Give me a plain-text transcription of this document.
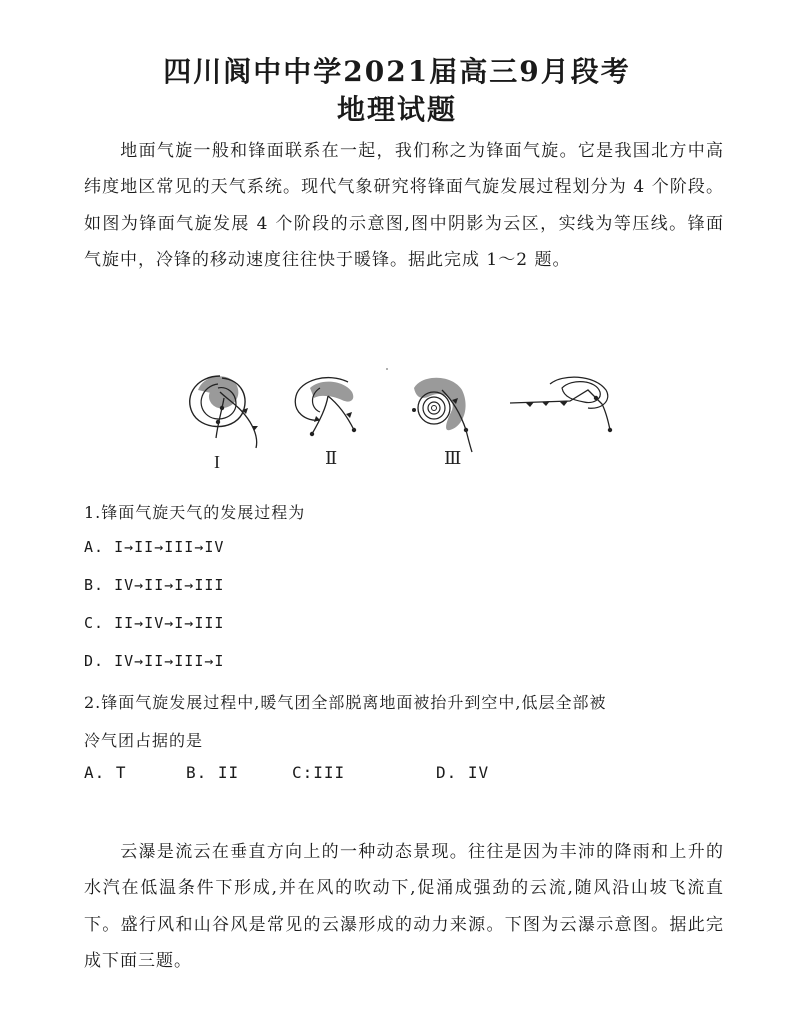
四川阆中中学2021届高三9月段考
地理试题

地面气旋一般和锋面联系在一起，我们称之为锋面气旋。它是我国北方中高纬度地区常见的天气系统。现代气象研究将锋面气旋发展过程划分为 4 个阶段。如图为锋面气旋发展 4 个阶段的示意图,图中阴影为云区，实线为等压线。锋面气旋中，冷锋的移动速度往往快于暖锋。据此完成 1～2 题。

I	Ⅱ	Ⅲ
1.锋面气旋天气的发展过程为
A. I→II→III→IV
B. IV→II→I→III
C. II→IV→I→III
D. IV→II→III→I
2.锋面气旋发展过程中,暖气团全部脱离地面被抬升到空中,低层全部被
冷气团占据的是
A. T	B. II	C:III	D. IV

云瀑是流云在垂直方向上的一种动态景现。往往是因为丰沛的降雨和上升的水汽在低温条件下形成,并在风的吹动下,促涌成强劲的云流,随风沿山坡飞流直下。盛行风和山谷风是常见的云瀑形成的动力来源。下图为云瀑示意图。据此完成下面三题。
